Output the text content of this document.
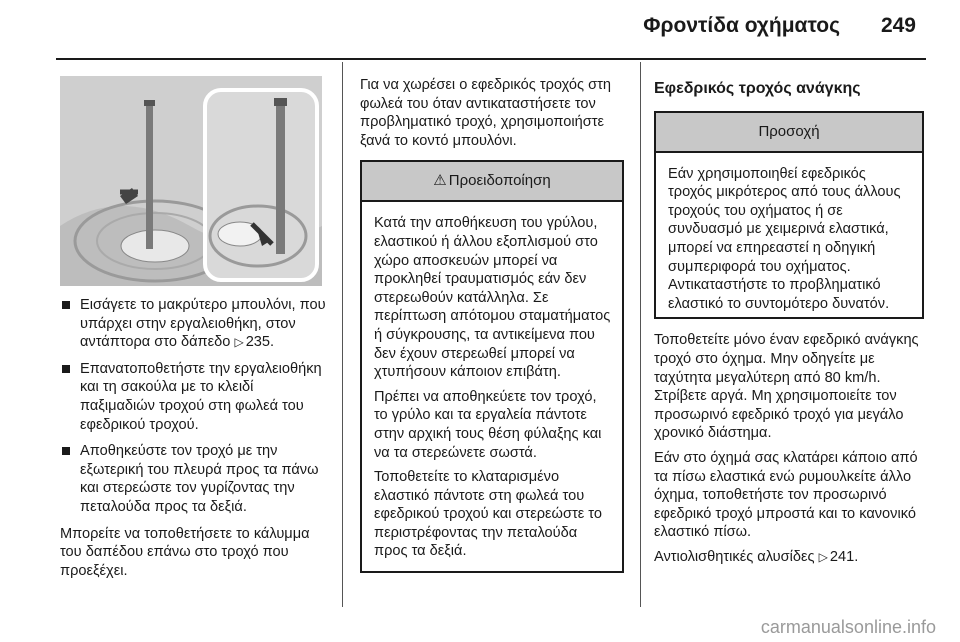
Φροντίδα οχήματος 249
Εισάγετε το μακρύτερο μπουλόνι, που υπάρχει στην εργαλειοθήκη, στον αντάπτορα στο δάπεδο ▷ 235.
Επανατοποθετήστε την εργαλειοθήκη και τη σακούλα με το κλειδί παξιμαδιών τροχού στη φωλεά του εφεδρικού τροχού.
Αποθηκεύστε τον τροχό με την εξωτερική του πλευρά προς τα πάνω και στερεώστε τον γυρίζοντας την πεταλούδα προς τα δεξιά.

Μπορείτε να τοποθετήσετε το κάλυμμα του δαπέδου επάνω στο τροχό που προεξέχει.

Για να χωρέσει ο εφεδρικός τροχός στη φωλεά του όταν αντικαταστήσετε τον προβληματικό τροχό, χρησιμοποιήστε ξανά το κοντό μπουλόνι.

⚠ Προειδοποίηση

Κατά την αποθήκευση του γρύλου, ελαστικού ή άλλου εξοπλισμού στο χώρο αποσκευών μπορεί να προκληθεί τραυματισμός εάν δεν στερεωθούν κατάλληλα. Σε περίπτωση απότομου σταματήματος ή σύγκρουσης, τα αντικείμενα που δεν έχουν στερεωθεί μπορεί να χτυπήσουν κάποιον επιβάτη.

Πρέπει να αποθηκεύετε τον τροχό, το γρύλο και τα εργαλεία πάντοτε στην αρχική τους θέση φύλαξης και να τα στερεώνετε σωστά.

Τοποθετείτε το κλαταρισμένο ελαστικό πάντοτε στη φωλεά του εφεδρικού τροχού και στερεώστε το περιστρέφοντας την πεταλούδα προς τα δεξιά.

Εφεδρικός τροχός ανάγκης
Προσοχή
Εάν χρησιμοποιηθεί εφεδρικός τροχός μικρότερος από τους άλλους τροχούς του οχήματος ή σε συνδυασμό με χειμερινά ελαστικά, μπορεί να επηρεαστεί η οδηγική συμπεριφορά του οχήματος. Αντικαταστήστε το προβληματικό ελαστικό το συντομότερο δυνατόν.

Τοποθετείτε μόνο έναν εφεδρικό ανάγκης τροχό στο όχημα. Μην οδηγείτε με ταχύτητα μεγαλύτερη από 80 km/h. Στρίβετε αργά. Μη χρησιμοποιείτε τον προσωρινό εφεδρικό τροχό για μεγάλο χρονικό διάστημα.

Εάν στο όχημά σας κλατάρει κάποιο από τα πίσω ελαστικά ενώ ρυμουλκείτε άλλο όχημα, τοποθετήστε τον προσωρινό εφεδρικό τροχό μπροστά και το κανονικό ελαστικό πίσω.

Αντιολισθητικές αλυσίδες ▷ 241.

carmanualsonline.info
